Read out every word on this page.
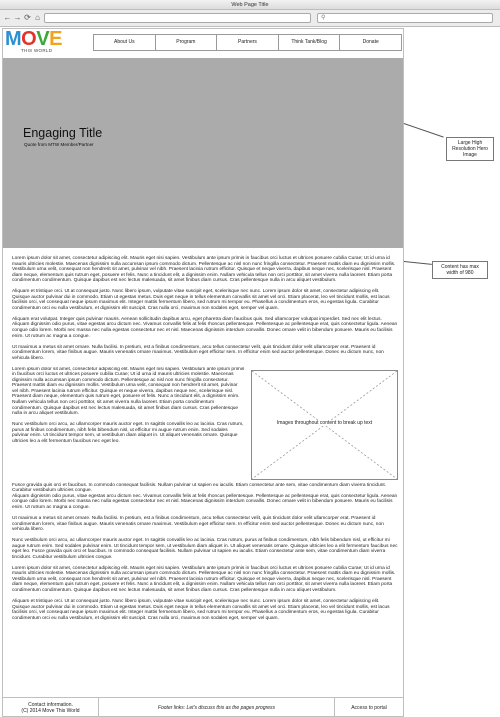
Web Page Title
← → ⟳ ⌂	⚲
MOVE
THIS WORLD
About Us	Program	Partners	Think Tank/Blog	Donate
Engaging Title
Quote from MTW Member/Partner

Lorem ipsum dolor sit amet, consectetur adipiscing elit. Mauris eget nisi sapien. Vestibulum ante ipsum primis in faucibus orci luctus et ultrices posuere cubilia Curae; Ut id urna id mauris ultricies molestie. Maecenas dignissim nulla accumsan ipsum commodo dictum. Pellentesque ac nisl non nunc fringilla consectetur. Praesent mattis diam eu dignissim mollis. Vestibulum urna velit, consequat non hendrerit sit amet, pulvinar vel nibh. Praesent lacinia rutrum efficitur. Quisque et neque viverra, dapibus neque nec, scelerisque nisl. Praesent diam neque, elementum quis rutrum eget, posuere et felis. Nunc a tincidunt elit, a dignissim enim. Nullam vehicula tellus non orci porttitor, sit amet viverra nulla laoreet. Etiam porta condimentum condimentum. Quisque dapibus est nec lectus malesuada, sit amet finibus diam cursus. Cras pellentesque nulla in arcu aliquet vestibulum.

Aliquam et tristique orci. Ut at consequat justo. Nunc libero ipsum, vulputate vitae suscipit eget, scelerisque nec nunc. Lorem ipsum dolor sit amet, consectetur adipiscing elit. Quisque auctor pulvinar dui in commodo. Etiam ut egestas metus. Duis eget neque in tellus elementum convallis sit amet vel orci. Etiam placerat, leo vel tincidunt mollis, est lacus facilisis orci, vel consequat neque ipsum maximus elit. Integer mattis fermentum libero, sed rutrum mi tempor eu. Phasellus a condimentum eros, eu egestas ligula. Curabitur condimentum orci eu nulla vestibulum, et dignissim elit suscipit. Cras nulla orci, maximus non sodales eget, semper vel quam.

Aliquam erat volutpat. Integer quis pulvinar mauris. Aenean sollicitudin dapibus arcu, eget pharetra diam faucibus quis. Sed ullamcorper volutpat imperdiet. Sed nec elit lectus. Aliquam dignissim odio purus, vitae egestas arcu dictum nec. Vivamus convallis felis at felis rhoncus pellentesque. Pellentesque ac pellentesque erat, quis consectetur ligula. Aenean congue odio lorem. Morbi nec massa nec nulla egestas consectetur nec et nisl. Maecenas dignissim interdum convallis. Donec ornare velit in bibendum posuere. Mauris eu facilisis enim. Ut rutrum ac magna a congue.

Ut maximus a metus sit amet ornare. Nulla facilisi. In pretium, est a finibus condimentum, arcu tellus consectetur velit, quis tincidunt dolor velit ullamcorper erat. Praesent id condimentum lorem, vitae finibus augue. Mauris venenatis ornare maximus. Vestibulum eget efficitur sem. In efficitur enim sed auctor pellentesque. Donec eu dictum nunc, non vehicula libero.

Images throughout content to break up text

Lorem ipsum dolor sit amet, consectetur adipiscing elit. Mauris eget nisi sapien. Vestibulum ante ipsum primis in faucibus orci luctus et ultrices posuere cubilia Curae; Ut id urna id mauris ultricies molestie. Maecenas dignissim nulla accumsan ipsum commodo dictum. Pellentesque ac nisl non nunc fringilla consectetur. Praesent mattis diam eu dignissim mollis. Vestibulum urna velit, consequat non hendrerit sit amet, pulvinar vel nibh. Praesent lacinia rutrum efficitur. Quisque et neque viverra, dapibus neque nec, scelerisque nisl. Praesent diam neque, elementum quis rutrum eget, posuere et felis. Nunc a tincidunt elit, a dignissim enim. Nullam vehicula tellus non orci porttitor, sit amet viverra nulla laoreet. Etiam porta condimentum condimentum. Quisque dapibus est nec lectus malesuada, sit amet finibus diam cursus. Cras pellentesque nulla in arcu aliquet vestibulum.

Nunc vestibulum orci arcu, ac ullamcorper mauris auctor eget. In sagittis convallis leo ac lacinia. Cras rutrum, purus at finibus condimentum, nibh felis bibendum nisl, ut efficitur mi augue rutrum enim. Sed sodales pulvinar enim. Ut tincidunt tempor sem, ut vestibulum diam aliquet in. Ut aliquet venenatis ornare. Quisque ultricies leo a elit fermentum faucibus nec eget leo.

Fusce gravida quis orci et faucibus. In commodo consequat facilisis. Nullam pulvinar ut sapien eu iaculis. Etiam consectetur ante sem, vitae condimentum diam viverra tincidunt. Curabitur vestibulum ultricies congue.

Aliquam dignissim odio purus, vitae egestas arcu dictum nec. Vivamus convallis felis at felis rhoncus pellentesque. Pellentesque ac pellentesque erat, quis consectetur ligula. Aenean congue odio lorem. Morbi nec massa nec nulla egestas consectetur nec et nisl. Maecenas dignissim interdum convallis. Donec ornare velit in bibendum posuere. Mauris eu facilisis enim. Ut rutrum ac magna a congue.

Ut maximus a metus sit amet ornare. Nulla facilisi. In pretium, est a finibus condimentum, arcu tellus consectetur velit, quis tincidunt dolor velit ullamcorper erat. Praesent id condimentum lorem, vitae finibus augue. Mauris venenatis ornare maximus. Vestibulum eget efficitur sem. In efficitur enim sed auctor pellentesque. Donec eu dictum nunc, non vehicula libero.

Nunc vestibulum orci arcu, ac ullamcorper mauris auctor eget. In sagittis convallis leo ac lacinia. Cras rutrum, purus at finibus condimentum, nibh felis bibendum nisl, ut efficitur mi augue rutrum enim. Sed sodales pulvinar enim. Ut tincidunt tempor sem, ut vestibulum diam aliquet in. Ut aliquet venenatis ornare. Quisque ultricies leo a elit fermentum faucibus nec eget leo. Fusce gravida quis orci et faucibus. In commodo consequat facilisis. Nullam pulvinar ut sapien eu iaculis. Etiam consectetur ante sem, vitae condimentum diam viverra tincidunt. Curabitur vestibulum ultricies congue.

Lorem ipsum dolor sit amet, consectetur adipiscing elit. Mauris eget nisi sapien. Vestibulum ante ipsum primis in faucibus orci luctus et ultrices posuere cubilia Curae; Ut id urna id mauris ultricies molestie. Maecenas dignissim nulla accumsan ipsum commodo dictum. Pellentesque ac nisl non nunc fringilla consectetur. Praesent mattis diam eu dignissim mollis. Vestibulum urna velit, consequat non hendrerit sit amet, pulvinar vel nibh. Praesent lacinia rutrum efficitur. Quisque et neque viverra, dapibus neque nec, scelerisque nisl. Praesent diam neque, elementum quis rutrum eget, posuere et felis. Nunc a tincidunt elit, a dignissim enim. Nullam vehicula tellus non orci porttitor, sit amet viverra nulla laoreet. Etiam porta condimentum condimentum. Quisque dapibus est nec lectus malesuada, sit amet finibus diam cursus. Cras pellentesque nulla in arcu aliquet vestibulum.

Aliquam et tristique orci. Ut at consequat justo. Nunc libero ipsum, vulputate vitae suscipit eget, scelerisque nec nunc. Lorem ipsum dolor sit amet, consectetur adipiscing elit. Quisque auctor pulvinar dui in commodo. Etiam ut egestas metus. Duis eget neque in tellus elementum convallis sit amet vel orci. Etiam placerat, leo vel tincidunt mollis, est lacus facilisis orci, vel consequat neque ipsum maximus elit. Integer mattis fermentum libero, sed rutrum mi tempor eu. Phasellus a condimentum eros, eu egestas ligula. Curabitur condimentum orci eu nulla vestibulum, et dignissim elit suscipit. Cras nulla orci, maximus non sodales eget, semper vel quam.

Contact information.
(C) 2014 Move This World	Footer links: Let's discuss this as the pages progress	Access to portal
Large High Resolution Hero Image
Content has max width of 980
